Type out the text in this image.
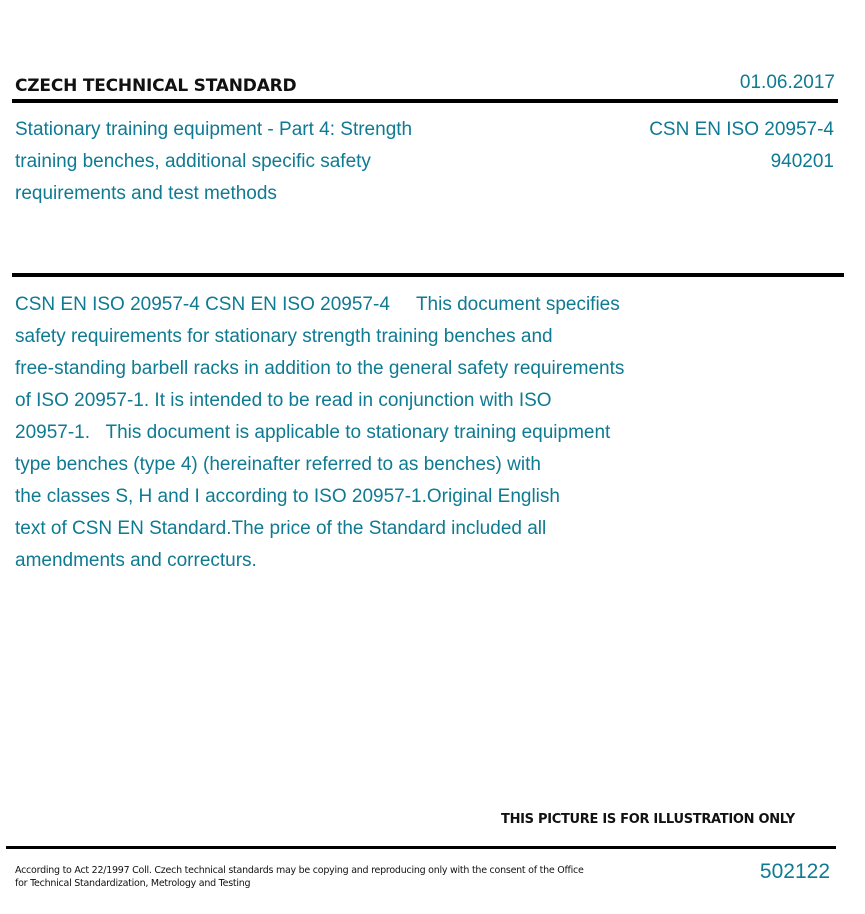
CZECH TECHNICAL STANDARD	01.06.2017
Stationary training equipment - Part 4: Strength
training benches, additional specific safety
requirements and test methods
CSN EN ISO 20957-4
940201
CSN EN ISO 20957-4 CSN EN ISO 20957-4     This document specifies
safety requirements for stationary strength training benches and
free-standing barbell racks in addition to the general safety requirements
of ISO 20957-1. It is intended to be read in conjunction with ISO
20957-1.   This document is applicable to stationary training equipment
type benches (type 4) (hereinafter referred to as benches) with
the classes S, H and I according to ISO 20957-1.Original English
text of CSN EN Standard.The price of the Standard included all
amendments and correcturs.
THIS PICTURE IS FOR ILLUSTRATION ONLY
According to Act 22/1997 Coll. Czech technical standards may be copying and reproducing only with the consent of the Office
for Technical Standardization, Metrology and Testing
502122
